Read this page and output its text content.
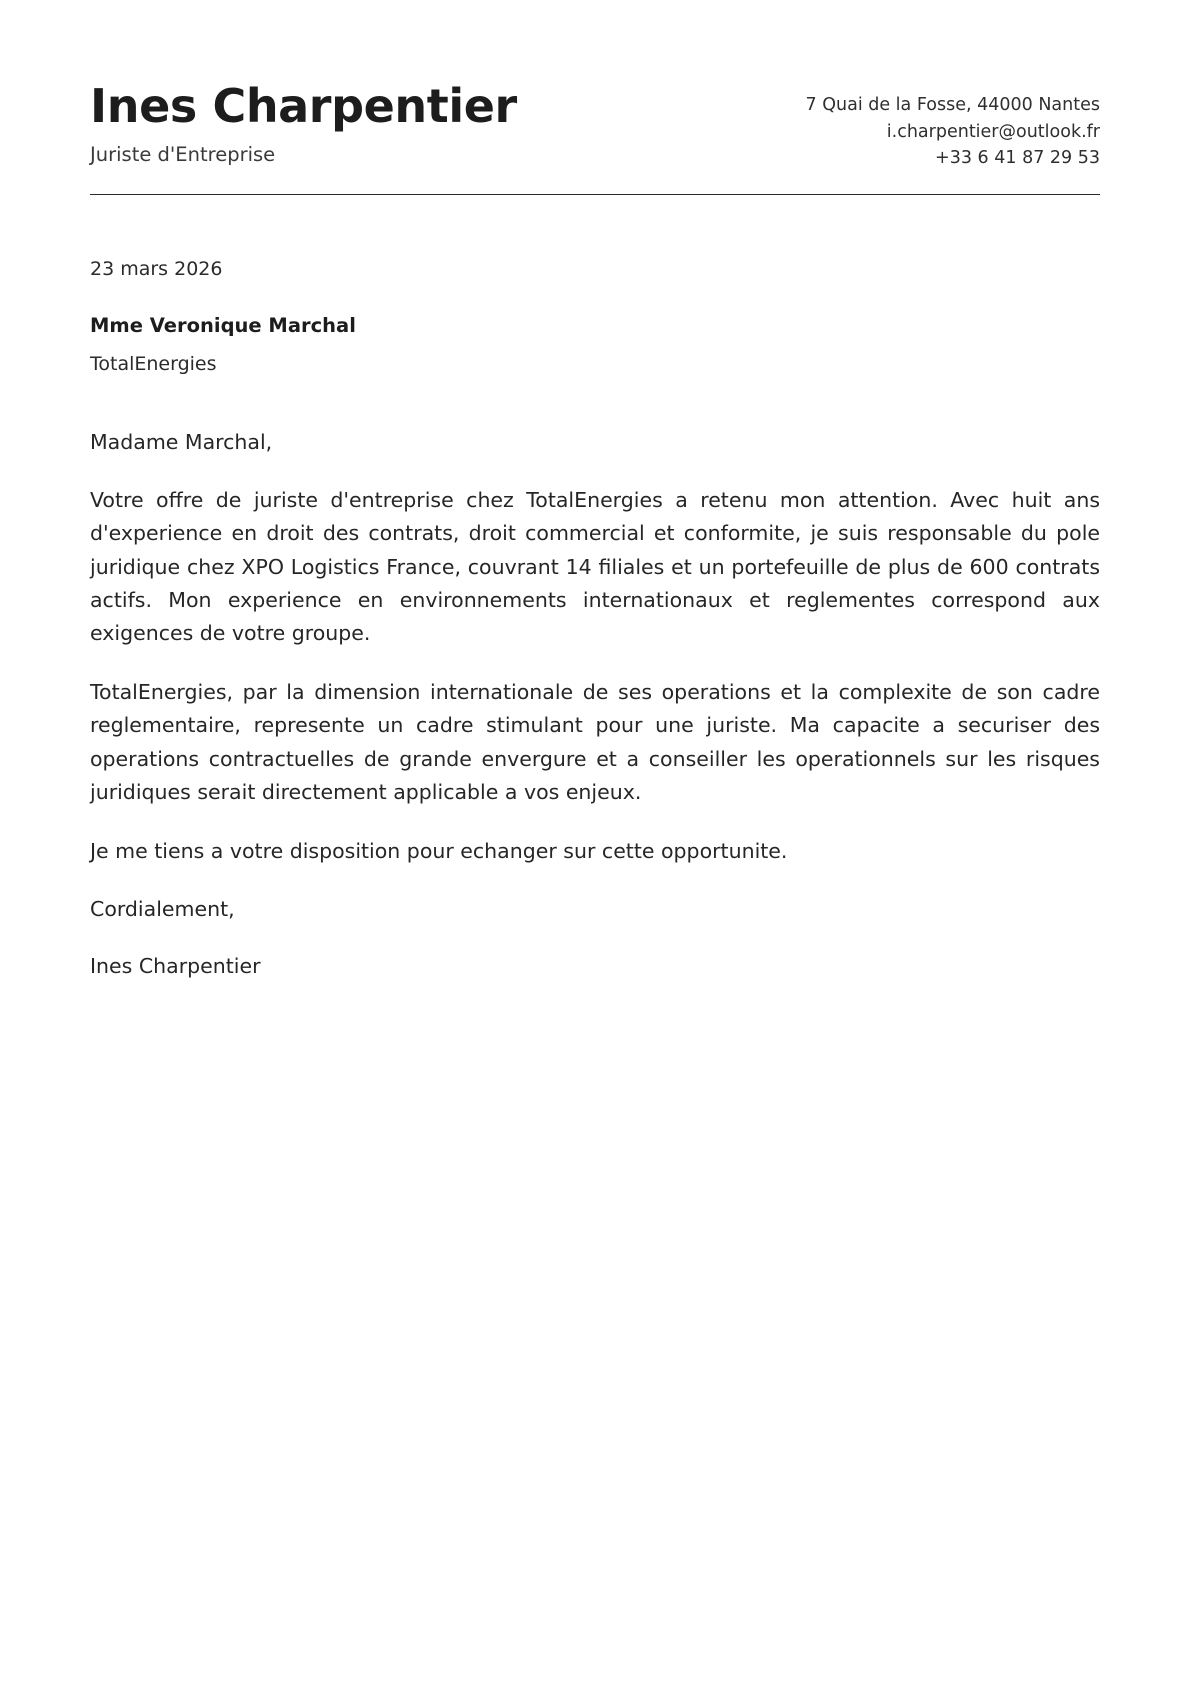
Ines Charpentier
Juriste d'Entreprise
7 Quai de la Fosse, 44000 Nantes
i.charpentier@outlook.fr
+33 6 41 87 29 53
23 mars 2026
Mme Veronique Marchal
TotalEnergies

Madame Marchal,

Votre offre de juriste d'entreprise chez TotalEnergies a retenu mon attention. Avec huit ans d'experience en droit des contrats, droit commercial et conformite, je suis responsable du pole juridique chez XPO Logistics France, couvrant 14 filiales et un portefeuille de plus de 600 contrats actifs. Mon experience en environnements internationaux et reglementes correspond aux exigences de votre groupe.

TotalEnergies, par la dimension internationale de ses operations et la complexite de son cadre reglementaire, represente un cadre stimulant pour une juriste. Ma capacite a securiser des operations contractuelles de grande envergure et a conseiller les operationnels sur les risques juridiques serait directement applicable a vos enjeux.

Je me tiens a votre disposition pour echanger sur cette opportunite.

Cordialement,

Ines Charpentier
